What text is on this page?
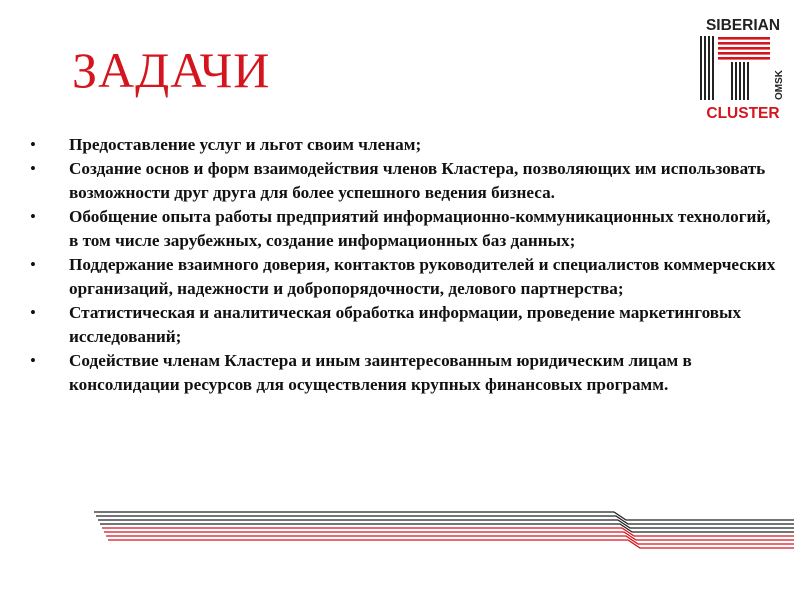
ЗАДАЧИ
SIBERIAN
OMSK
CLUSTER
•	Предоставление услуг и льгот своим членам;
•	Создание основ и форм взаимодействия членов Кластера, позволяющих им использовать возможности друг друга для более успешного ведения бизнеса.
•	Обобщение опыта работы предприятий информационно-коммуникационных технологий, в том числе зарубежных, создание информационных баз данных;
•	Поддержание взаимного доверия, контактов руководителей и специалистов коммерческих организаций, надежности и добропорядочности, делового партнерства;
•	Статистическая и аналитическая обработка информации, проведение маркетинговых исследований;
•	Содействие членам Кластера и иным заинтересованным юридическим лицам в консолидации ресурсов для осуществления крупных финансовых программ.
